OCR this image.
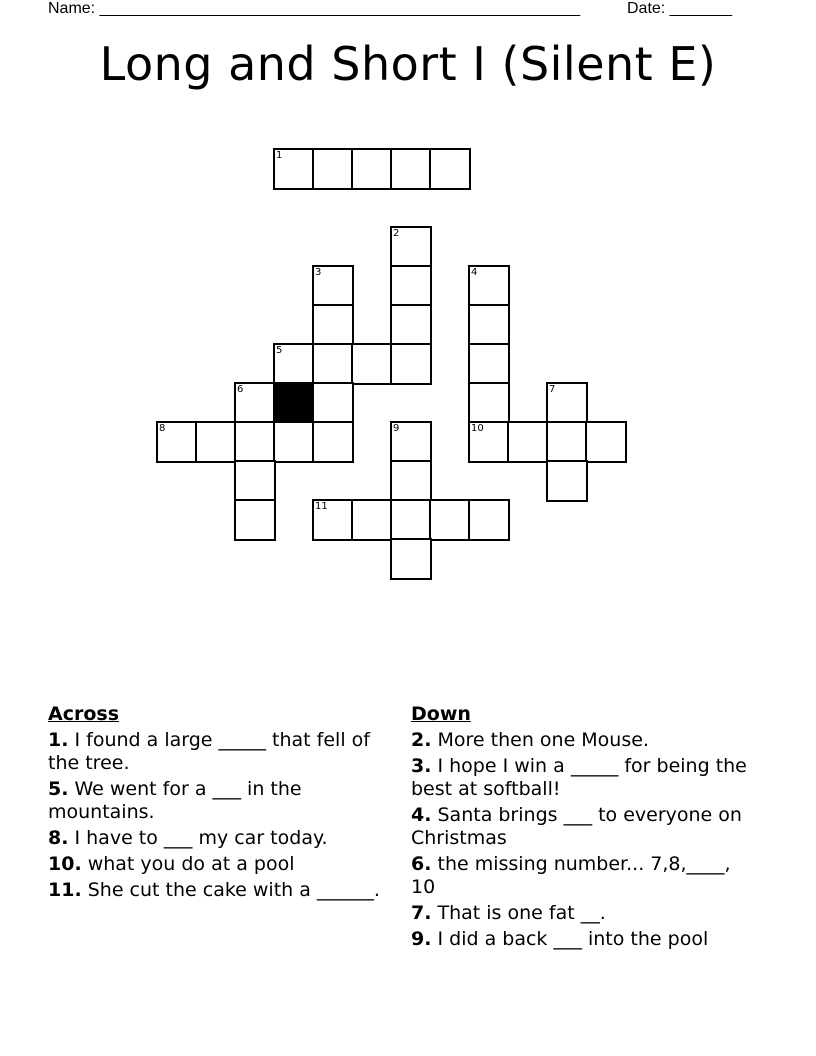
Name: ______________________________________________________	Date: _______
Long and Short I (Silent E)
1
2
3	4
5
6	7
8	9	10
11
Across
1. I found a large _____ that fell of the tree.
5. We went for a ___ in the mountains.
8. I have to ___ my car today.
10. what you do at a pool
11. She cut the cake with a ______.
Down
2. More then one Mouse.
3. I hope I win a _____ for being the best at softball!
4. Santa brings ___ to everyone on Christmas
6. the missing number... 7,8,____, 10
7. That is one fat __.
9. I did a back ___ into the pool
